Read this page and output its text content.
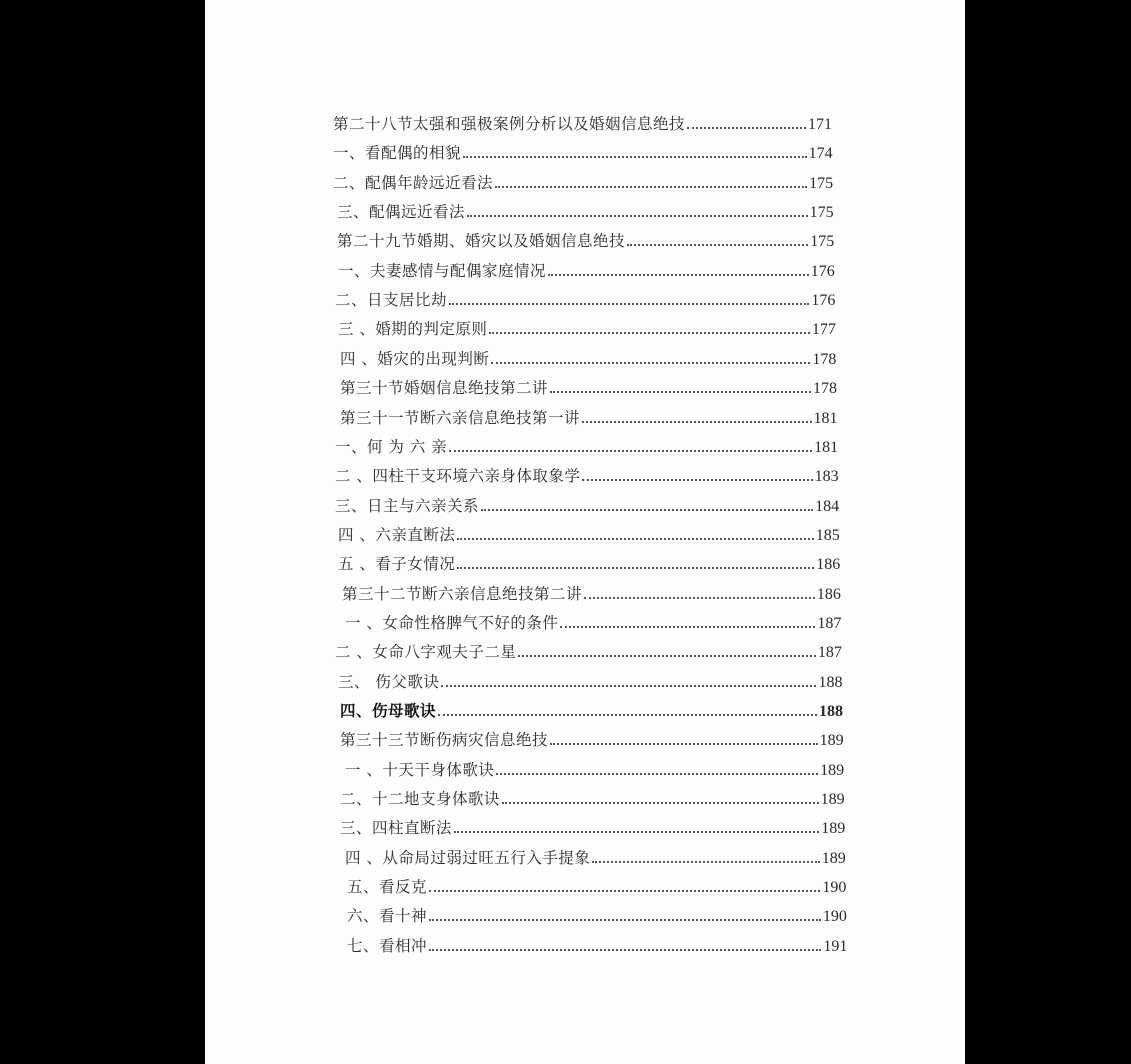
第二十八节太强和强极案例分析以及婚姻信息绝技	171
一、看配偶的相貌	174
二、配偶年龄远近看法	175
三、配偶远近看法	175
第二十九节婚期、婚灾以及婚姻信息绝技	175
一、夫妻感情与配偶家庭情况	176
二、日支居比劫	176
三 、婚期的判定原则	177
四 、婚灾的出现判断	178
第三十节婚姻信息绝技第二讲	178
第三十一节断六亲信息绝技第一讲	181
一、何 为 六 亲	181
二 、四柱干支环境六亲身体取象学	183
三、日主与六亲关系	184
四 、六亲直断法	185
五 、看子女情况	186
第三十二节断六亲信息绝技第二讲	186
一 、女命性格脾气不好的条件	187
二 、女命八字观夫子二星	187
三、 伤父歌诀	188
四、伤母歌诀	188
第三十三节断伤病灾信息绝技	189
一 、十天干身体歌诀	189
二、十二地支身体歌诀	189
三、四柱直断法	189
四 、从命局过弱过旺五行入手提象	189
五、看反克	190
六、看十神	190
七、看相冲	191
